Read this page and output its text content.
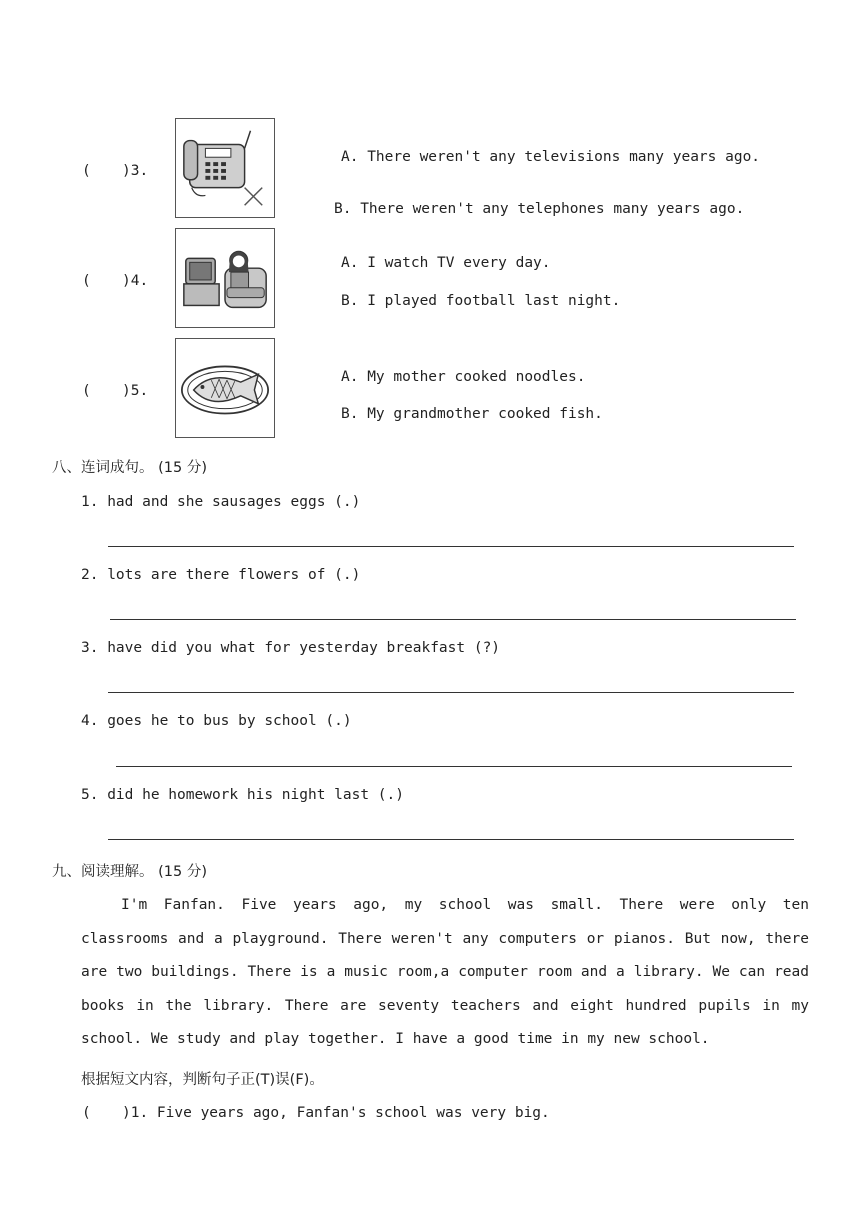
( )3.
A. There weren't any televisions many years ago.
B. There weren't any telephones many years ago.
( )4.
A. I watch TV every day.
B. I played football last night.
( )5.
A. My mother cooked noodles.
B. My grandmother cooked fish.
八、连词成句。 (15 分)
1. had and she sausages eggs (.)
2. lots are there flowers of (.)
3. have did you what for yesterday breakfast (?)
4. goes he to bus by school (.)
5. did he homework his night last (.)
九、阅读理解。 (15 分)
I'm Fanfan. Five years ago, my school was small. There were only ten classrooms and a playground. There weren't any computers or pianos. But now, there are two buildings. There is a music room,a computer room and a library. We can read books in the library. There are seventy teachers and eight hundred pupils in my school. We study and play together. I have a good time in my new school.
根据短文内容，判断句子正(T)误(F)。
( )1. Five years ago, Fanfan's school was very big.
